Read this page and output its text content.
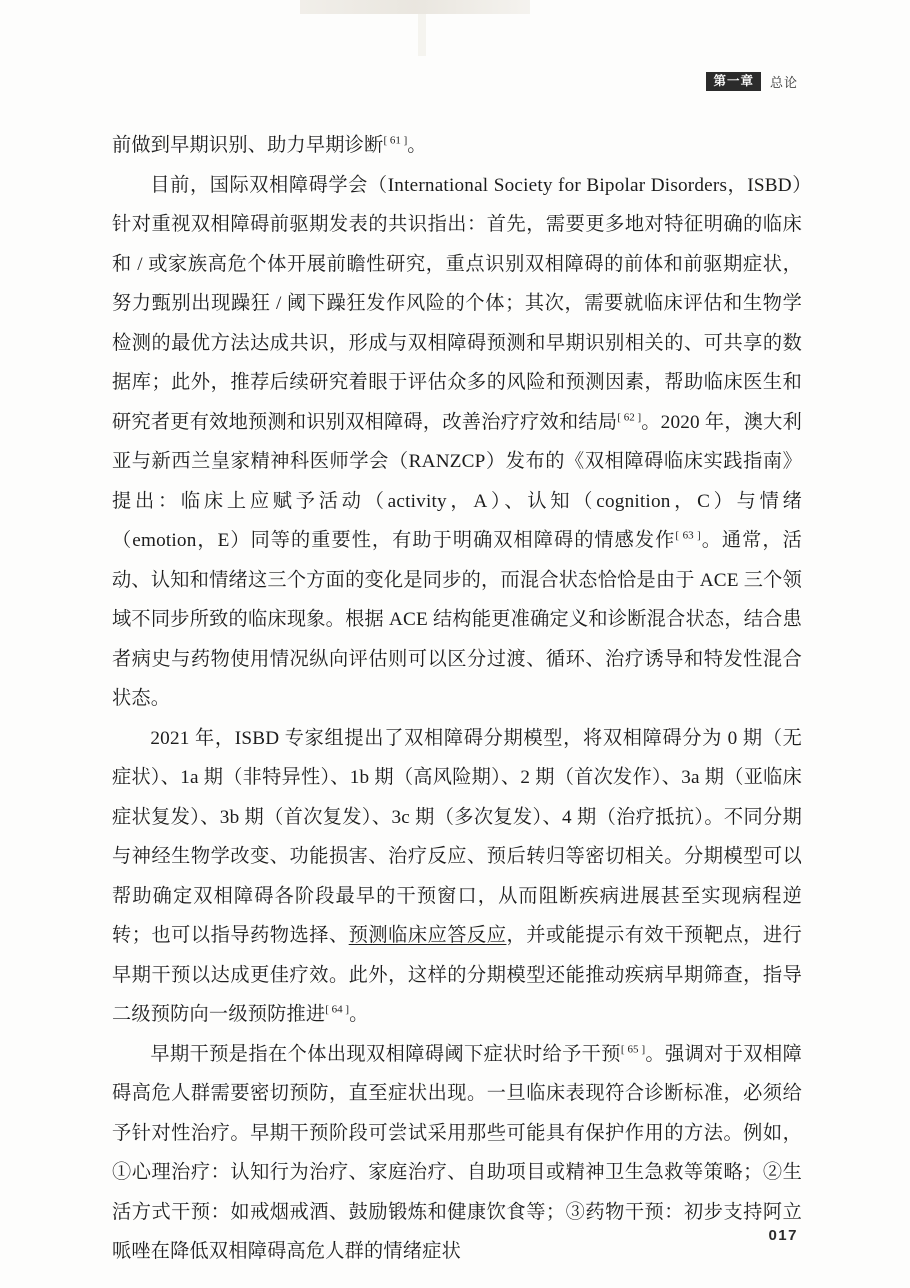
第一章	总论

前做到早期识别、助力早期诊断[ 61 ]。

目前，国际双相障碍学会（International Society for Bipolar Disorders，ISBD）针对重视双相障碍前驱期发表的共识指出：首先，需要更多地对特征明确的临床和 / 或家族高危个体开展前瞻性研究，重点识别双相障碍的前体和前驱期症状，努力甄别出现躁狂 / 阈下躁狂发作风险的个体；其次，需要就临床评估和生物学检测的最优方法达成共识，形成与双相障碍预测和早期识别相关的、可共享的数据库；此外，推荐后续研究着眼于评估众多的风险和预测因素，帮助临床医生和研究者更有效地预测和识别双相障碍，改善治疗疗效和结局[ 62 ]。2020 年，澳大利亚与新西兰皇家精神科医师学会（RANZCP）发布的《双相障碍临床实践指南》提出：临床上应赋予活动（activity，A）、认知（cognition，C）与情绪（emotion，E）同等的重要性，有助于明确双相障碍的情感发作[ 63 ]。通常，活动、认知和情绪这三个方面的变化是同步的，而混合状态恰恰是由于 ACE 三个领域不同步所致的临床现象。根据 ACE 结构能更准确定义和诊断混合状态，结合患者病史与药物使用情况纵向评估则可以区分过渡、循环、治疗诱导和特发性混合状态。

2021 年，ISBD 专家组提出了双相障碍分期模型，将双相障碍分为 0 期（无症状）、1a 期（非特异性）、1b 期（高风险期）、2 期（首次发作）、3a 期（亚临床症状复发）、3b 期（首次复发）、3c 期（多次复发）、4 期（治疗抵抗）。不同分期与神经生物学改变、功能损害、治疗反应、预后转归等密切相关。分期模型可以帮助确定双相障碍各阶段最早的干预窗口，从而阻断疾病进展甚至实现病程逆转；也可以指导药物选择、预测临床应答反应，并或能提示有效干预靶点，进行早期干预以达成更佳疗效。此外，这样的分期模型还能推动疾病早期筛查，指导二级预防向一级预防推进[ 64 ]。

早期干预是指在个体出现双相障碍阈下症状时给予干预[ 65 ]。强调对于双相障碍高危人群需要密切预防，直至症状出现。一旦临床表现符合诊断标准，必须给予针对性治疗。早期干预阶段可尝试采用那些可能具有保护作用的方法。例如，①心理治疗：认知行为治疗、家庭治疗、自助项目或精神卫生急救等策略；②生活方式干预：如戒烟戒酒、鼓励锻炼和健康饮食等；③药物干预：初步支持阿立哌唑在降低双相障碍高危人群的情绪症状

017
